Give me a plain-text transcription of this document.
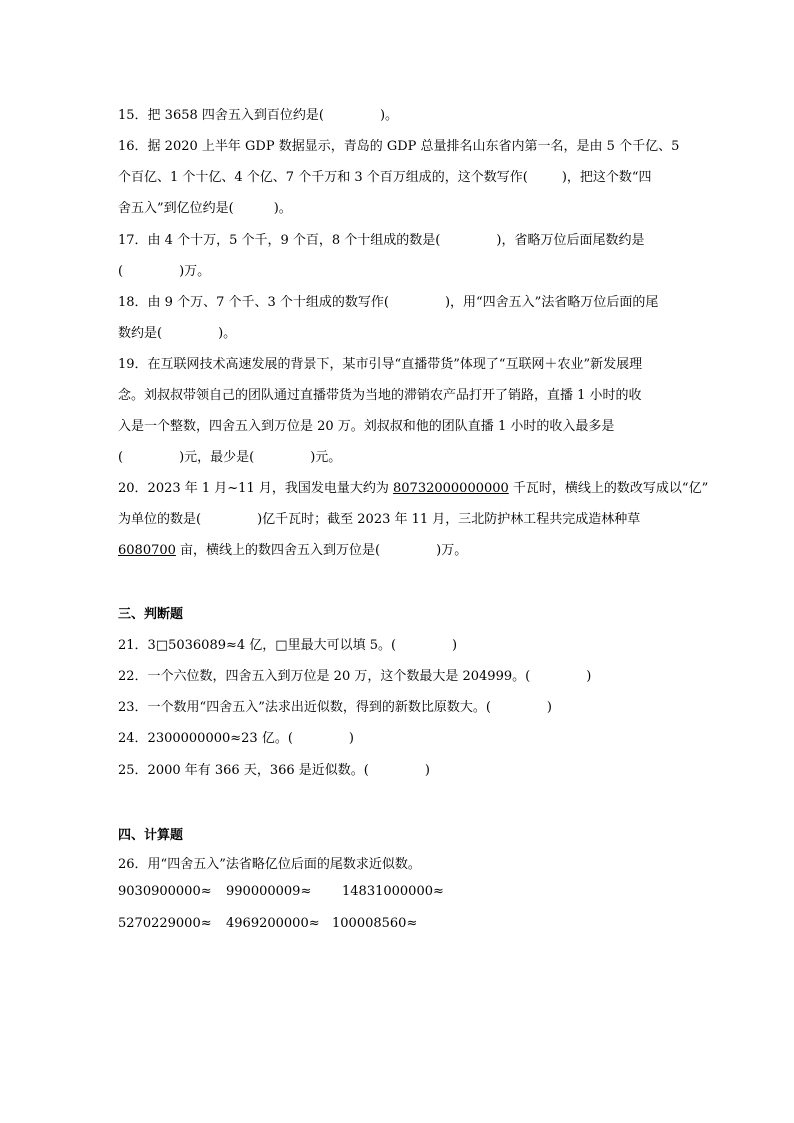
15．把 3658 四舍五入到百位约是(	)。
16．据 2020 上半年 GDP 数据显示，青岛的 GDP 总量排名山东省内第一名，是由 5 个千亿、5
个百亿、1 个十亿、4 个亿、7 个千万和 3 个百万组成的，这个数写作(	)，把这个数“四
舍五入”到亿位约是(	)。
17．由 4 个十万，5 个千，9 个百，8 个十组成的数是(	)，省略万位后面尾数约是
(	)万。
18．由 9 个万、7 个千、3 个十组成的数写作(	)，用“四舍五入”法省略万位后面的尾
数约是(	)。
19．在互联网技术高速发展的背景下，某市引导“直播带货”体现了“互联网＋农业”新发展理
念。刘叔叔带领自己的团队通过直播带货为当地的滞销农产品打开了销路，直播 1 小时的收
入是一个整数，四舍五入到万位是 20 万。刘叔叔和他的团队直播 1 小时的收入最多是
(	)元，最少是(	)元。
20．2023 年 1 月~11 月，我国发电量大约为 80732000000000 千瓦时，横线上的数改写成以“亿”
为单位的数是(	)亿千瓦时；截至 2023 年 11 月，三北防护林工程共完成造林种草
6080700 亩，横线上的数四舍五入到万位是(	)万。
三、判断题
21．3□5036089≈4 亿，□里最大可以填 5。(	)
22．一个六位数，四舍五入到万位是 20 万，这个数最大是 204999。(	)
23．一个数用“四舍五入”法求出近似数，得到的新数比原数大。(	)
24．2300000000≈23 亿。(	)
25．2000 年有 366 天，366 是近似数。(	)
四、计算题
26．用“四舍五入”法省略亿位后面的尾数求近似数。
9030900000≈ 990000009≈ 14831000000≈
5270229000≈ 4969200000≈ 100008560≈
